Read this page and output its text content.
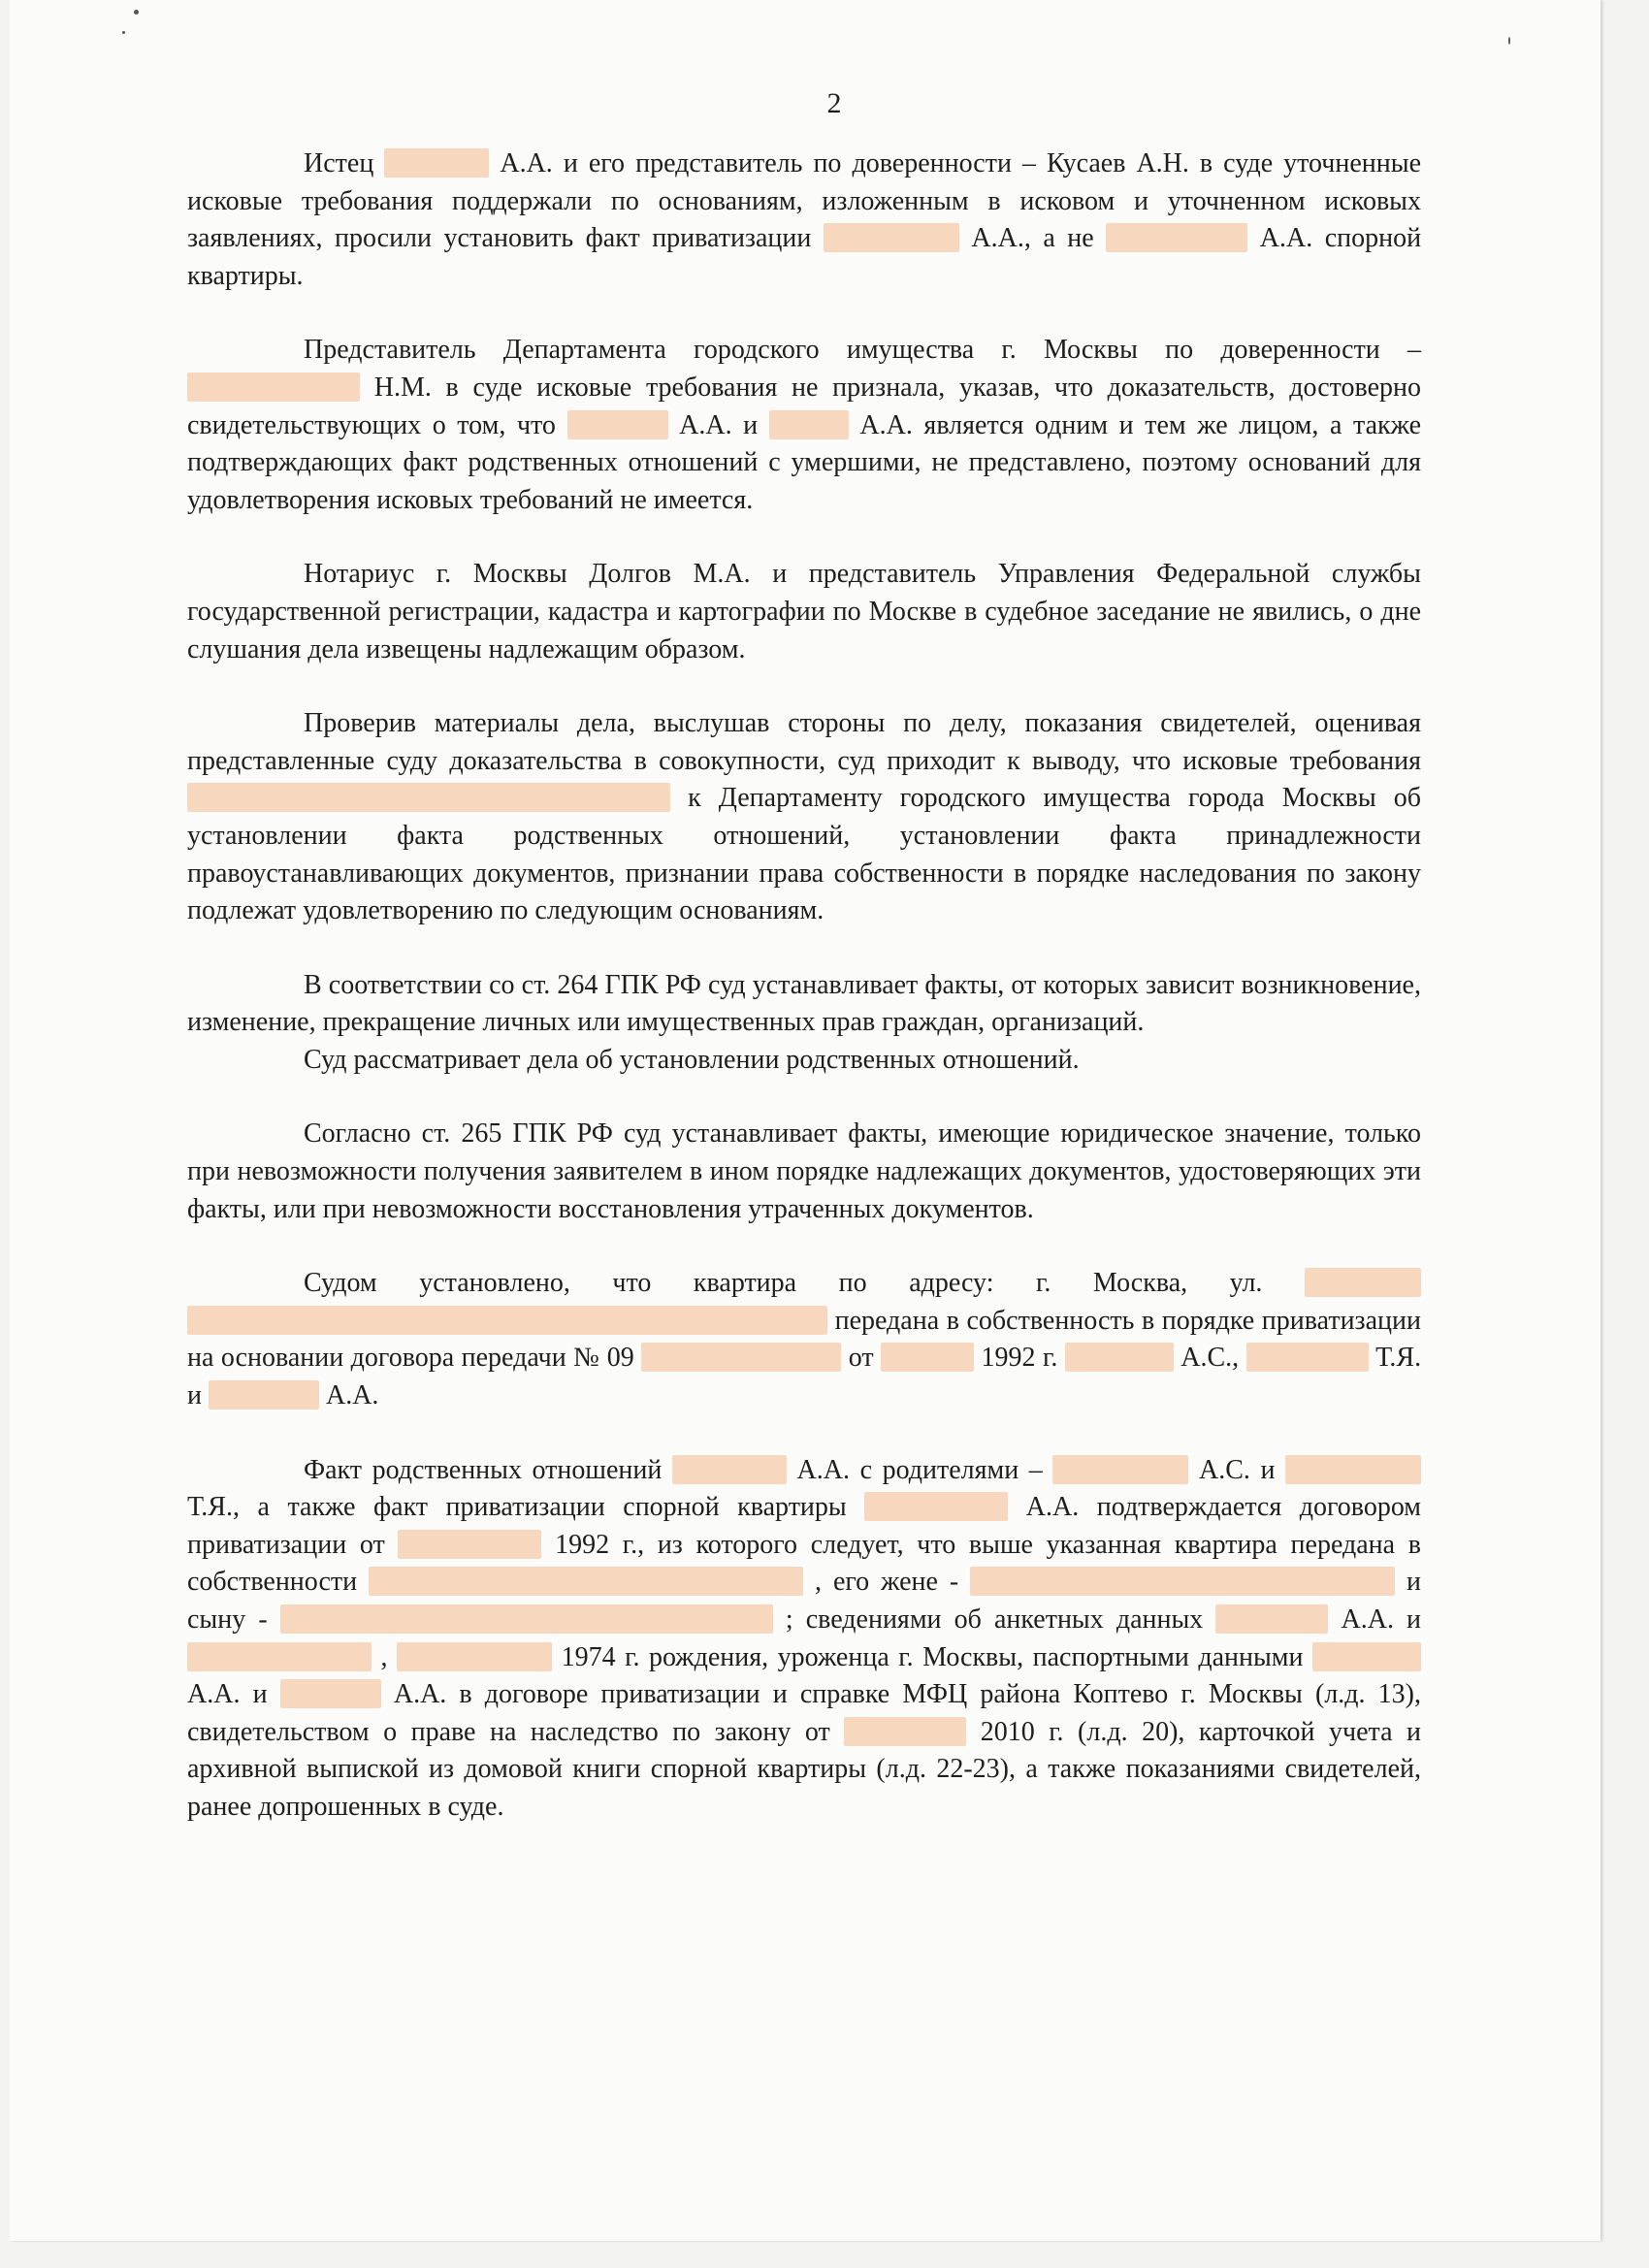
2

Истец	А.А. и его представитель по доверенности – Кусаев А.Н. в суде уточненные исковые требования поддержали по основаниям, изложенным в исковом и уточненном исковых заявлениях, просили установить факт приватизации	А.А., а не	А.А. спорной квартиры.

Представитель Департамента городского имущества г. Москвы по доверенности –  Н.М. в суде исковые требования не признала, указав, что доказательств, достоверно свидетельствующих о том, что	А.А. и	А.А. является одним и тем же лицом, а также подтверждающих факт родственных отношений с умершими, не представлено, поэтому оснований для удовлетворения исковых требований не имеется.

Нотариус г. Москвы Долгов М.А. и представитель Управления Федеральной службы государственной регистрации, кадастра и картографии по Москве в судебное заседание не явились, о дне слушания дела извещены надлежащим образом.

Проверив материалы дела, выслушав стороны по делу, показания свидетелей, оценивая представленные суду доказательства в совокупности, суд приходит к выводу, что исковые требования  к Департаменту городского имущества города Москвы об установлении факта родственных отношений, установлении факта принадлежности правоустанавливающих документов, признании права собственности в порядке наследования по закону подлежат удовлетворению по следующим основаниям.

В соответствии со ст. 264 ГПК РФ суд устанавливает факты, от которых зависит возникновение, изменение, прекращение личных или имущественных прав граждан, организаций.

Суд рассматривает дела об установлении родственных отношений.

Согласно ст. 265 ГПК РФ суд устанавливает факты, имеющие юридическое значение, только при невозможности получения заявителем в ином порядке надлежащих документов, удостоверяющих эти факты, или при невозможности восстановления утраченных документов.

Судом установлено, что квартира по адресу: г. Москва, ул.   передана в собственность в порядке приватизации на основании договора передачи № 09	от	1992 г.	А.С.,	Т.Я. и	А.А.

Факт родственных отношений	А.А. с родителями –	А.С. и  Т.Я., а также факт приватизации спорной квартиры	А.А. подтверждается договором приватизации от	1992 г., из которого следует, что выше указанная квартира передана в собственности	, его жене -	и сыну -	; сведениями об анкетных данных	А.А. и  ,	1974 г. рождения, уроженца г. Москвы, паспортными данными  А.А. и	А.А. в договоре приватизации и справке МФЦ района Коптево г. Москвы (л.д. 13), свидетельством о праве на наследство по закону от	2010 г. (л.д. 20), карточкой учета и архивной выпиской из домовой книги спорной квартиры (л.д. 22-23), а также показаниями свидетелей, ранее допрошенных в суде.
